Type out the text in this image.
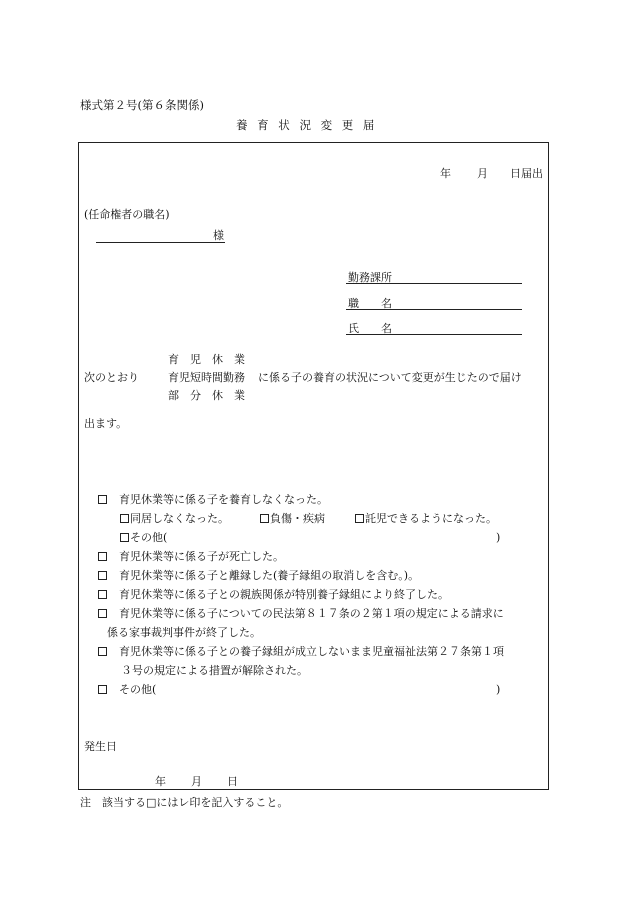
様式第２号(第６条関係)
養 育 状 況 変 更 届
年 月 日届出
(任命権者の職名)
様
勤務課所
職　　名
氏　　名
次のとおり
育　児　休　業
育児短時間勤務
部　分　休　業
に係る子の養育の状況について変更が生じたので届け
出ます。
　育児休業等に係る子を養育しなくなった。
同居しなくなった。	負傷・疾病	託児できるようになった。
その他(	)
　育児休業等に係る子が死亡した。
　育児休業等に係る子と離縁した(養子縁組の取消しを含む。)。
　育児休業等に係る子との親族関係が特別養子縁組により終了した。
　育児休業等に係る子についての民法第８１７条の２第１項の規定による請求に
係る家事裁判事件が終了した。
　育児休業等に係る子との養子縁組が成立しないまま児童福祉法第２７条第１項
３号の規定による措置が解除された。
　その他(	)
発生日
年 月 日
注　該当する□にはレ印を記入すること。
